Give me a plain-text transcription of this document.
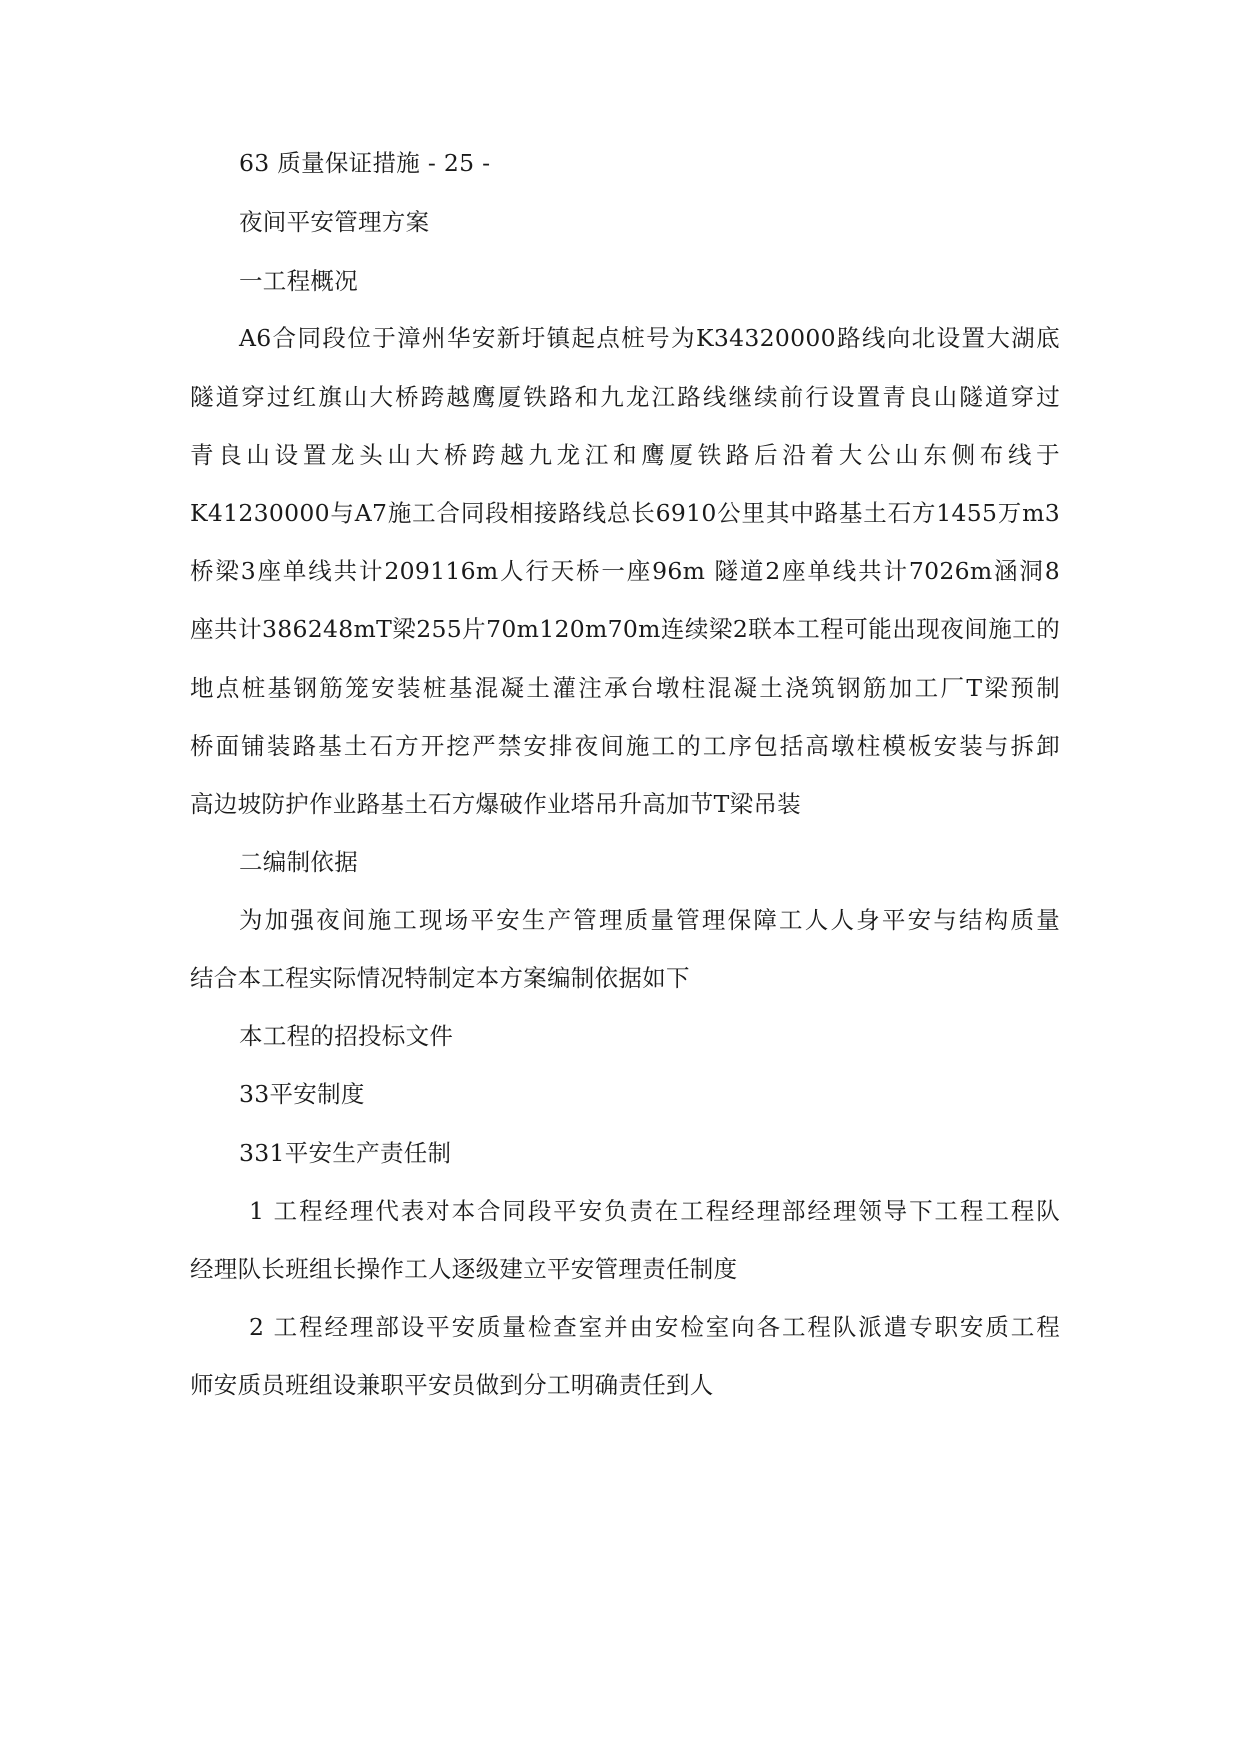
63 质量保证措施 - 25 -
夜间平安管理方案
一工程概况
A6合同段位于漳州华安新圩镇起点桩号为K34320000路线向北设置大湖底
隧道穿过红旗山大桥跨越鹰厦铁路和九龙江路线继续前行设置青良山隧道穿过
青良山设置龙头山大桥跨越九龙江和鹰厦铁路后沿着大公山东侧布线于
K41230000与A7施工合同段相接路线总长6910公里其中路基土石方1455万m3
桥梁3座单线共计209116m人行天桥一座96m 隧道2座单线共计7026m涵洞8
座共计386248mT梁255片70m120m70m连续梁2联本工程可能出现夜间施工的
地点桩基钢筋笼安装桩基混凝土灌注承台墩柱混凝土浇筑钢筋加工厂T梁预制
桥面铺装路基土石方开挖严禁安排夜间施工的工序包括高墩柱模板安装与拆卸
高边坡防护作业路基土石方爆破作业塔吊升高加节T梁吊装
二编制依据
为加强夜间施工现场平安生产管理质量管理保障工人人身平安与结构质量
结合本工程实际情况特制定本方案编制依据如下
本工程的招投标文件
33平安制度
331平安生产责任制
1 工程经理代表对本合同段平安负责在工程经理部经理领导下工程工程队
经理队长班组长操作工人逐级建立平安管理责任制度
2 工程经理部设平安质量检查室并由安检室向各工程队派遣专职安质工程
师安质员班组设兼职平安员做到分工明确责任到人
